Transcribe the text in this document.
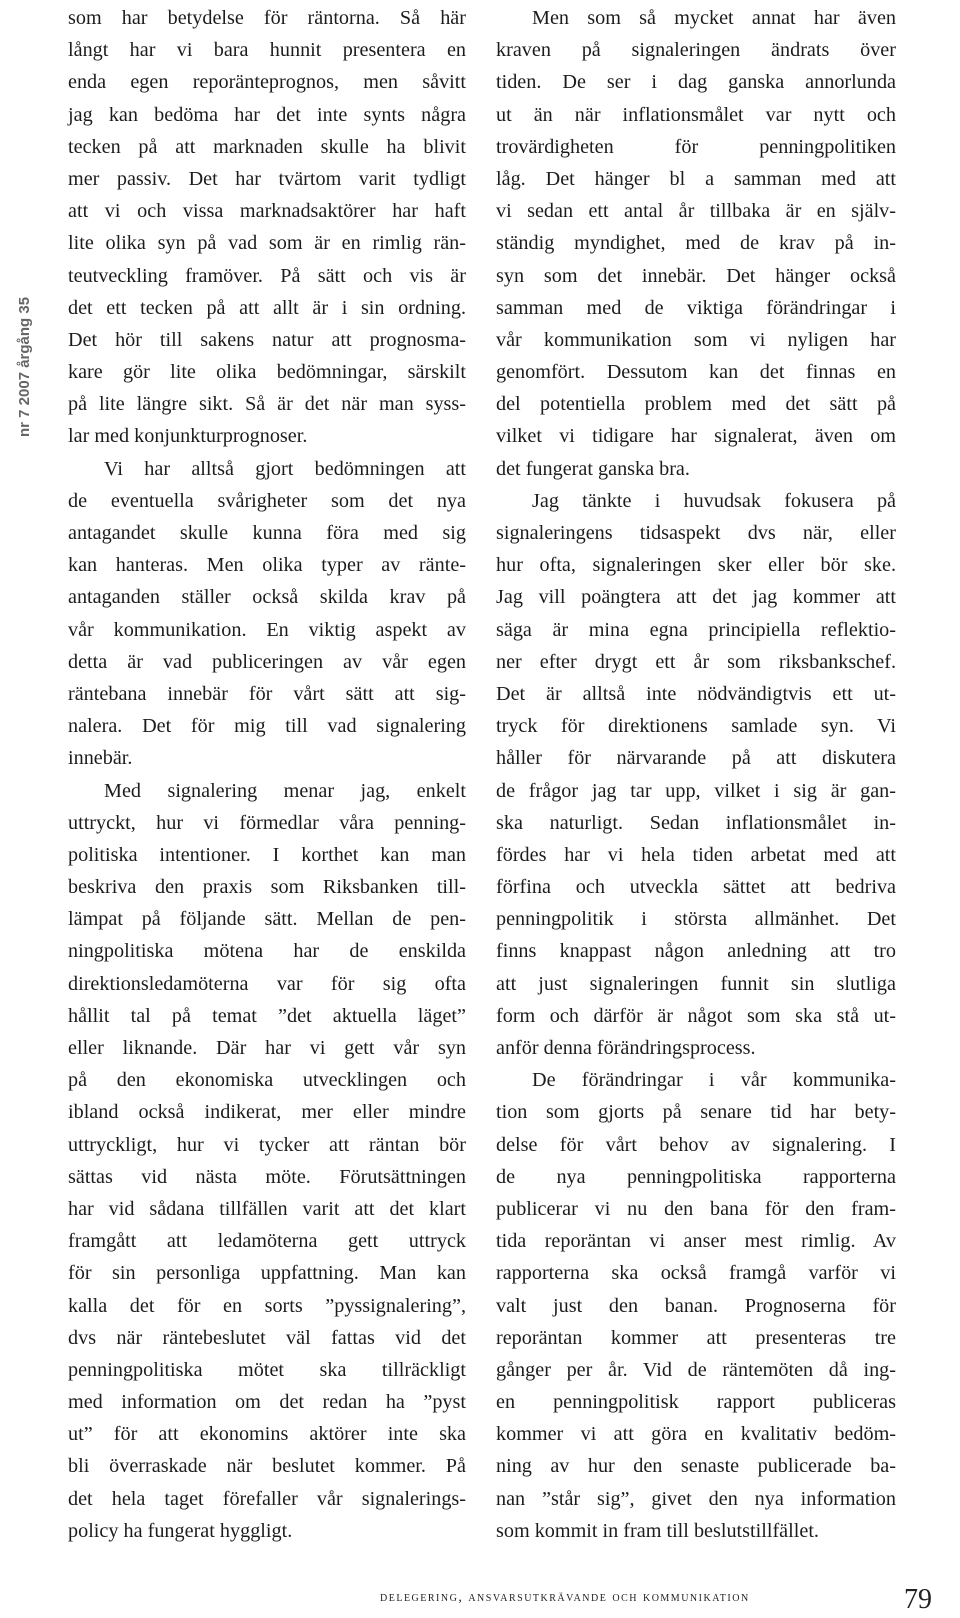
nr 7 2007 årgång 35
som har betydelse för räntorna. Så här
långt har vi bara hunnit presentera en
enda egen reporänteprognos, men såvitt
jag kan bedöma har det inte synts några
tecken på att marknaden skulle ha blivit
mer passiv. Det har tvärtom varit tydligt
att vi och vissa marknadsaktörer har haft
lite olika syn på vad som är en rimlig rän-
teutveckling framöver. På sätt och vis är
det ett tecken på att allt är i sin ordning.
Det hör till sakens natur att prognosma-
kare gör lite olika bedömningar, särskilt
på lite längre sikt. Så är det när man syss-
lar med konjunkturprognoser.
Vi har alltså gjort bedömningen att
de eventuella svårigheter som det nya
antagandet skulle kunna föra med sig
kan hanteras. Men olika typer av ränte-
antaganden ställer också skilda krav på
vår kommunikation. En viktig aspekt av
detta är vad publiceringen av vår egen
räntebana innebär för vårt sätt att sig-
nalera. Det för mig till vad signalering
innebär.
Med signalering menar jag, enkelt
uttryckt, hur vi förmedlar våra penning-
politiska intentioner. I korthet kan man
beskriva den praxis som Riksbanken till-
lämpat på följande sätt. Mellan de pen-
ningpolitiska mötena har de enskilda
direktionsledamöterna var för sig ofta
hållit tal på temat ”det aktuella läget”
eller liknande. Där har vi gett vår syn
på den ekonomiska utvecklingen och
ibland också indikerat, mer eller mindre
uttryckligt, hur vi tycker att räntan bör
sättas vid nästa möte. Förutsättningen
har vid sådana tillfällen varit att det klart
framgått att ledamöterna gett uttryck
för sin personliga uppfattning. Man kan
kalla det för en sorts ”pyssignalering”,
dvs när räntebeslutet väl fattas vid det
penningpolitiska mötet ska tillräckligt
med information om det redan ha ”pyst
ut” för att ekonomins aktörer inte ska
bli överraskade när beslutet kommer. På
det hela taget förefaller vår signalerings-
policy ha fungerat hyggligt.
Men som så mycket annat har även
kraven på signaleringen ändrats över
tiden. De ser i dag ganska annorlunda
ut än när inflationsmålet var nytt och
trovärdigheten för penningpolitiken
låg. Det hänger bl a samman med att
vi sedan ett antal år tillbaka är en själv-
ständig myndighet, med de krav på in-
syn som det innebär. Det hänger också
samman med de viktiga förändringar i
vår kommunikation som vi nyligen har
genomfört. Dessutom kan det finnas en
del potentiella problem med det sätt på
vilket vi tidigare har signalerat, även om
det fungerat ganska bra.
Jag tänkte i huvudsak fokusera på
signaleringens tidsaspekt dvs när, eller
hur ofta, signaleringen sker eller bör ske.
Jag vill poängtera att det jag kommer att
säga är mina egna principiella reflektio-
ner efter drygt ett år som riksbankschef.
Det är alltså inte nödvändigtvis ett ut-
tryck för direktionens samlade syn. Vi
håller för närvarande på att diskutera
de frågor jag tar upp, vilket i sig är gan-
ska naturligt. Sedan inflationsmålet in-
fördes har vi hela tiden arbetat med att
förfina och utveckla sättet att bedriva
penningpolitik i största allmänhet. Det
finns knappast någon anledning att tro
att just signaleringen funnit sin slutliga
form och därför är något som ska stå ut-
anför denna förändringsprocess.
De förändringar i vår kommunika-
tion som gjorts på senare tid har bety-
delse för vårt behov av signalering. I
de nya penningpolitiska rapporterna
publicerar vi nu den bana för den fram-
tida reporäntan vi anser mest rimlig. Av
rapporterna ska också framgå varför vi
valt just den banan. Prognoserna för
reporäntan kommer att presenteras tre
gånger per år. Vid de räntemöten då ing-
en penningpolitisk rapport publiceras
kommer vi att göra en kvalitativ bedöm-
ning av hur den senaste publicerade ba-
nan ”står sig”, givet den nya information
som kommit in fram till beslutstillfället.
delegering, ansvarsutkrävande och kommunikation	79
